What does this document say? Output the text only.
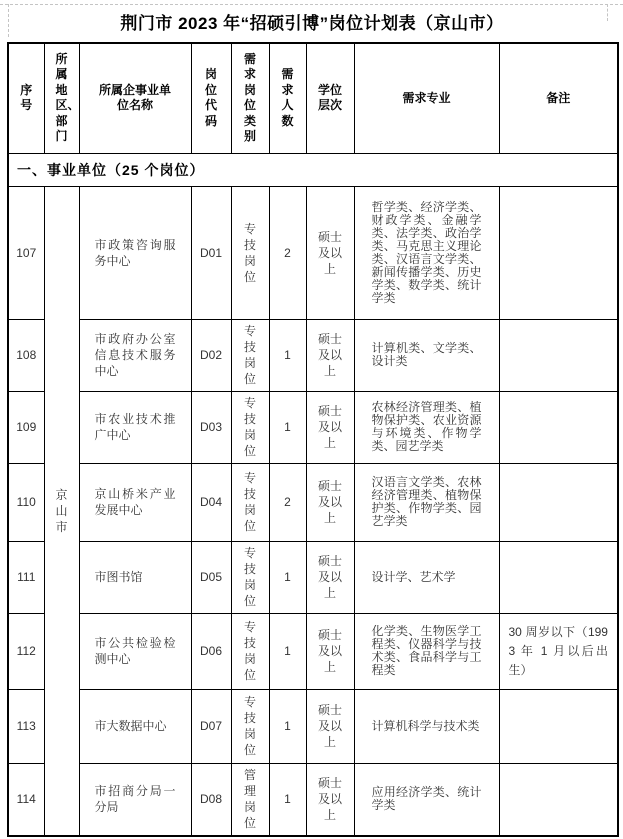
荆门市 2023 年“招硕引博”岗位计划表（京山市）
序号	所属地区、部门	所属企事业单位名称	岗位代码	需求岗位类别	需求人数	学位层次	需求专业	备注
一、事业单位（25 个岗位）								
107	京山市	市政策咨询服务中心	D01	专技岗位	2	硕士及以上	哲学类、经济学类、财政学类、金融学类、法学类、政治学类、马克思主义理论类、汉语言文学类、新闻传播学类、历史学类、数学类、统计学类	
108		市政府办公室信息技术服务中心	D02	专技岗位	1	硕士及以上	计算机类、文学类、设计类	
109		市农业技术推广中心	D03	专技岗位	1	硕士及以上	农林经济管理类、植物保护类、农业资源与环境类、作物学类、园艺学类	
110		京山桥米产业发展中心	D04	专技岗位	2	硕士及以上	汉语言文学类、农林经济管理类、植物保护类、作物学类、园艺学类	
111		市图书馆	D05	专技岗位	1	硕士及以上	设计学、艺术学	
112		市公共检验检测中心	D06	专技岗位	1	硕士及以上	化学类、生物医学工程类、仪器科学与技术类、食品科学与工程类	30 周岁以下（1993 年 1 月以后出生）
113		市大数据中心	D07	专技岗位	1	硕士及以上	计算机科学与技术类	
114		市招商分局一分局	D08	管理岗位	1	硕士及以上	应用经济学类、统计学类	
